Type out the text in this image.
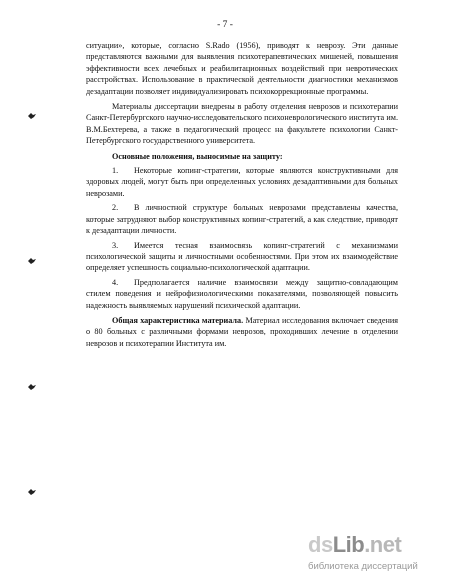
- 7 -

ситуации», которые, согласно S.Rado (1956), приводят к неврозу. Эти данные представляются важными для выявления психотерапевтических мишеней, повышения эффективности всех лечебных и реабилитационных воздействий при невротических расстройствах. Использование в практической деятельности диагностики механизмов дезадаптации позволяет индивидуализировать психокоррекционные программы.

Материалы диссертации внедрены в работу отделения неврозов и психотерапии Санкт-Петербургского научно-исследовательского психоневрологического института им. В.М.Бехтерева, а также в педагогический процесс на факультете психологии Санкт-Петербургского государственного университета.

Основные положения, выносимые на защиту:

1. Некоторые копинг-стратегии, которые являются конструктивными для здоровых людей, могут быть при определенных условиях дезадаптивными для больных неврозами.

2. В личностной структуре больных неврозами представлены качества, которые затрудняют выбор конструктивных копинг-стратегий, а как следствие, приводят к дезадаптации личности.

3. Имеется тесная взаимосвязь копинг-стратегий с механизмами психологической защиты и личностными особенностями. При этом их взаимодействие определяет успешность социально-психологической адаптации.

4. Предполагается наличие взаимосвязи между защитно-совладающим стилем поведения и нейрофизиологическими показателями, позволяющей повысить надежность выявляемых нарушений психической адаптации.

Общая характеристика материала. Материал исследования включает сведения о 80 больных с различными формами неврозов, проходивших лечение в отделении неврозов и психотерапии Института им.

dsLib.net
библиотека диссертаций
